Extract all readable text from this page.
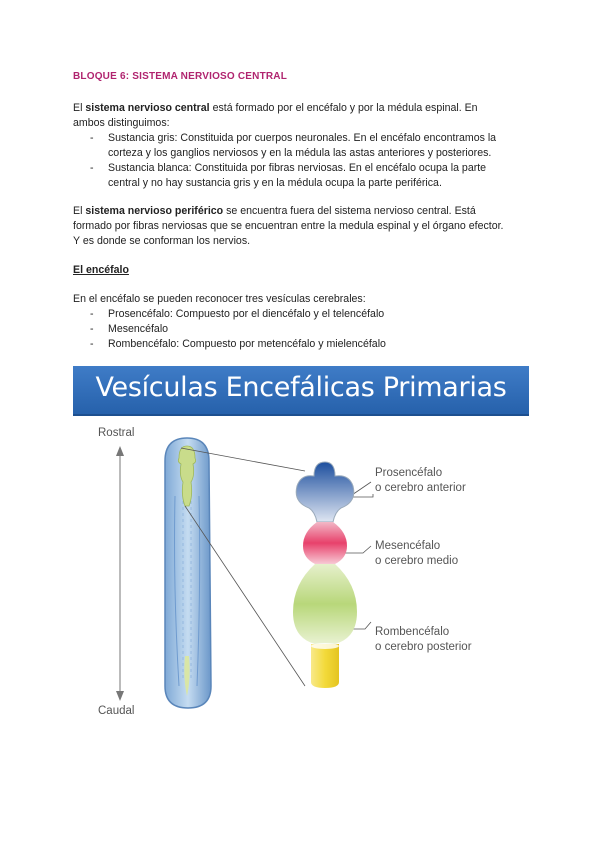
BLOQUE 6: SISTEMA NERVIOSO CENTRAL
El sistema nervioso central está formado por el encéfalo y por la médula espinal. En
ambos distinguimos:
- Sustancia gris: Constituida por cuerpos neuronales. En el encéfalo encontramos la
corteza y los ganglios nerviosos y en la médula las astas anteriores y posteriores.
- Sustancia blanca: Constituida por fibras nerviosas. En el encéfalo ocupa la parte
central y no hay sustancia gris y en la médula ocupa la parte periférica.
El sistema nervioso periférico se encuentra fuera del sistema nervioso central. Está
formado por fibras nerviosas que se encuentran entre la medula espinal y el órgano efector.
Y es donde se conforman los nervios.
El encéfalo
En el encéfalo se pueden reconocer tres vesículas cerebrales:
- Prosencéfalo: Compuesto por el diencéfalo y el telencéfalo
- Mesencéfalo
- Rombencéfalo: Compuesto por metencéfalo y mielencéfalo
Vesículas Encefálicas Primarias
Rostral
Caudal
Prosencéfalo
o cerebro anterior
Mesencéfalo
o cerebro medio
Rombencéfalo
o cerebro posterior
